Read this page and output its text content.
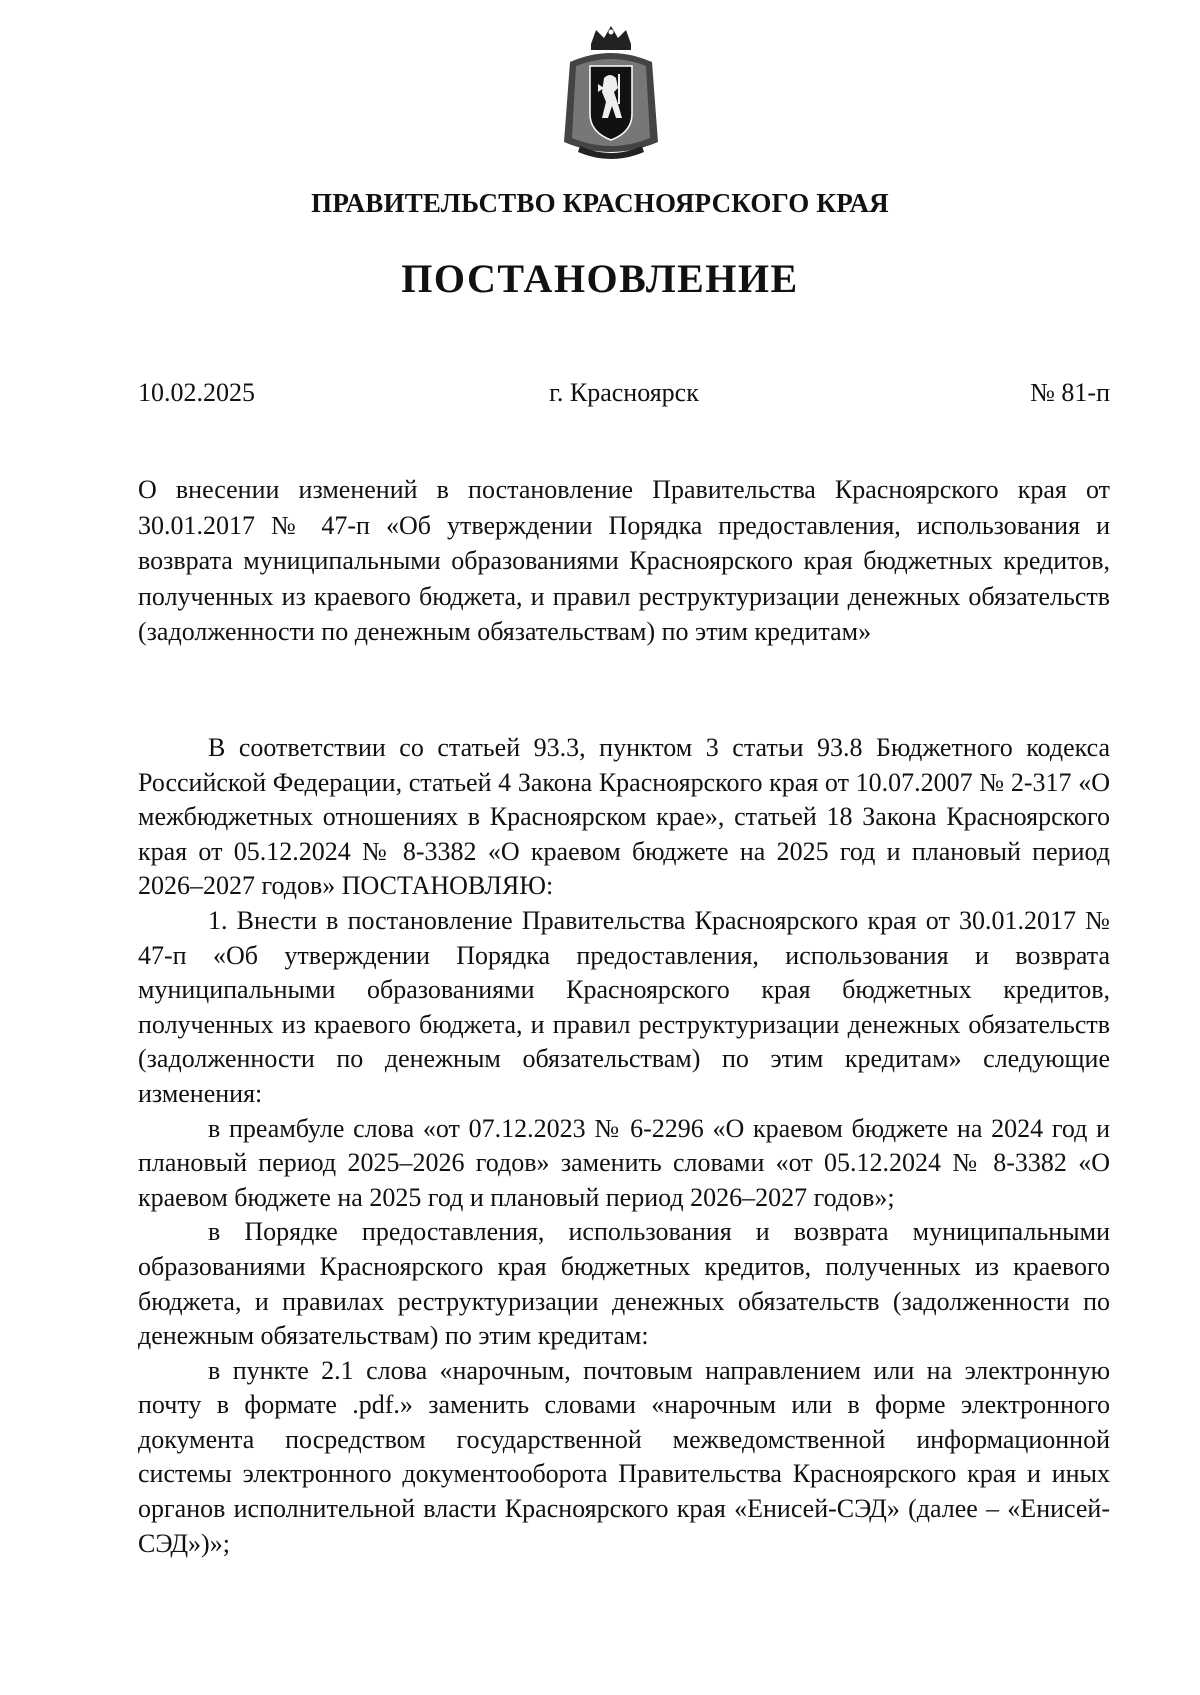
ПРАВИТЕЛЬСТВО КРАСНОЯРСКОГО КРАЯ
ПОСТАНОВЛЕНИЕ
10.02.2025	г. Красноярск	№ 81-п
О внесении изменений в постановление Правительства Красноярского края от 30.01.2017 № 47-п «Об утверждении Порядка предоставления, использования и возврата муниципальными образованиями Красноярского края бюджетных кредитов, полученных из краевого бюджета, и правил реструктуризации денежных обязательств (задолженности по денежным обязательствам) по этим кредитам»

В соответствии со статьей 93.3, пунктом 3 статьи 93.8 Бюджетного кодекса Российской Федерации, статьей 4 Закона Красноярского края от 10.07.2007 № 2-317 «О межбюджетных отношениях в Красноярском крае», статьей 18 Закона Красноярского края от 05.12.2024 № 8-3382 «О краевом бюджете на 2025 год и плановый период 2026–2027 годов» ПОСТАНОВЛЯЮ:

1. Внести в постановление Правительства Красноярского края от 30.01.2017 № 47-п «Об утверждении Порядка предоставления, использования и возврата муниципальными образованиями Красноярского края бюджетных кредитов, полученных из краевого бюджета, и правил реструктуризации денежных обязательств (задолженности по денежным обязательствам) по этим кредитам» следующие изменения:

в преамбуле слова «от 07.12.2023 № 6-2296 «О краевом бюджете на 2024 год и плановый период 2025–2026 годов» заменить словами «от 05.12.2024 № 8-3382 «О краевом бюджете на 2025 год и плановый период 2026–2027 годов»;

в Порядке предоставления, использования и возврата муниципальными образованиями Красноярского края бюджетных кредитов, полученных из краевого бюджета, и правилах реструктуризации денежных обязательств (задолженности по денежным обязательствам) по этим кредитам:

в пункте 2.1 слова «нарочным, почтовым направлением или на электронную почту в формате .pdf.» заменить словами «нарочным или в форме электронного документа посредством государственной межведомственной информационной системы электронного документооборота Правительства Красноярского края и иных органов исполнительной власти Красноярского края «Енисей-СЭД» (далее – «Енисей-СЭД»)»;
